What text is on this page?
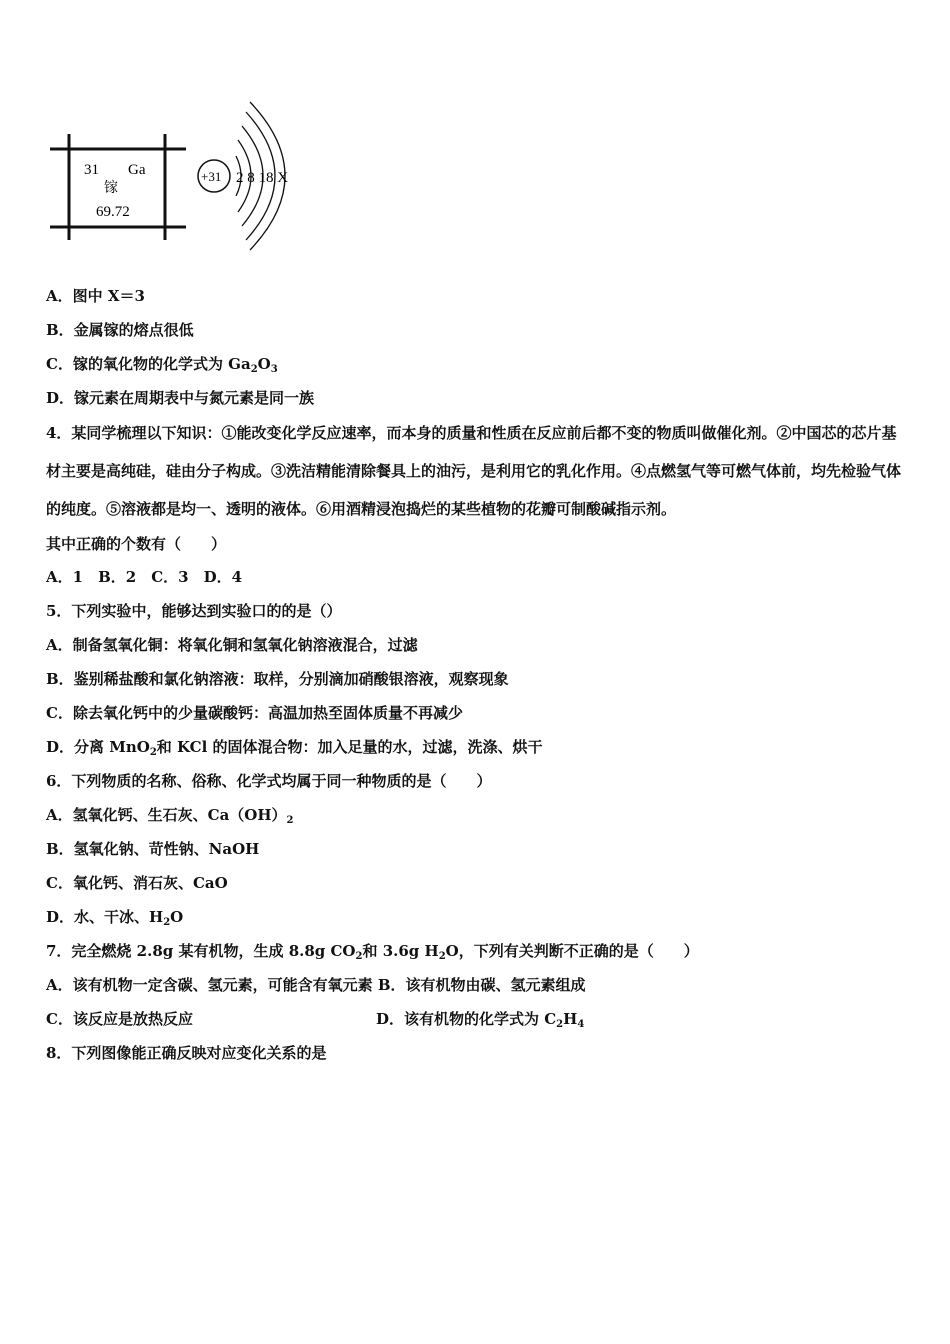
31 Ga
镓
69.72
+31 2 8 18 X
A．图中 X＝3
B．金属镓的熔点很低
C．镓的氧化物的化学式为 $Ga_2O_3$
D．镓元素在周期表中与氮元素是同一族
4．某同学梳理以下知识：①能改变化学反应速率，而本身的质量和性质在反应前后都不变的物质叫做催化剂。②中国芯的芯片基材主要是高纯硅，硅由分子构成。③洗洁精能清除餐具上的油污，是利用它的乳化作用。④点燃氢气等可燃气体前，均先检验气体的纯度。⑤溶液都是均一、透明的液体。⑥用酒精浸泡捣烂的某些植物的花瓣可制酸碱指示剂。
其中正确的个数有（　　）
A．1　B．2　C．3　D．4
5．下列实验中，能够达到实验口的的是（）
A．制备氢氧化铜：将氧化铜和氢氧化钠溶液混合，过滤
B．鉴别稀盐酸和氯化钠溶液：取样，分别滴加硝酸银溶液，观察现象
C．除去氧化钙中的少量碳酸钙：高温加热至固体质量不再减少
D．分离 MnO$_2$和 KCl 的固体混合物：加入足量的水，过滤，洗涤、烘干
6．下列物质的名称、俗称、化学式均属于同一种物质的是（　　）
A．氢氧化钙、生石灰、$Ca(OH)_2$
B．氢氧化钠、苛性钠、NaOH
C．氧化钙、消石灰、CaO
D．水、干冰、$H_2O$
7．完全燃烧 2.8g 某有机物，生成 8.8g $CO_2$和 3.6g $H_2O$，下列有关判断不正确的是（　　）
A．该有机物一定含碳、氢元素，可能含有氧元素 B．该有机物由碳、氢元素组成
C．该反应是放热反应	D．该有机物的化学式为 $C_2H_4$
8．下列图像能正确反映对应变化关系的是
